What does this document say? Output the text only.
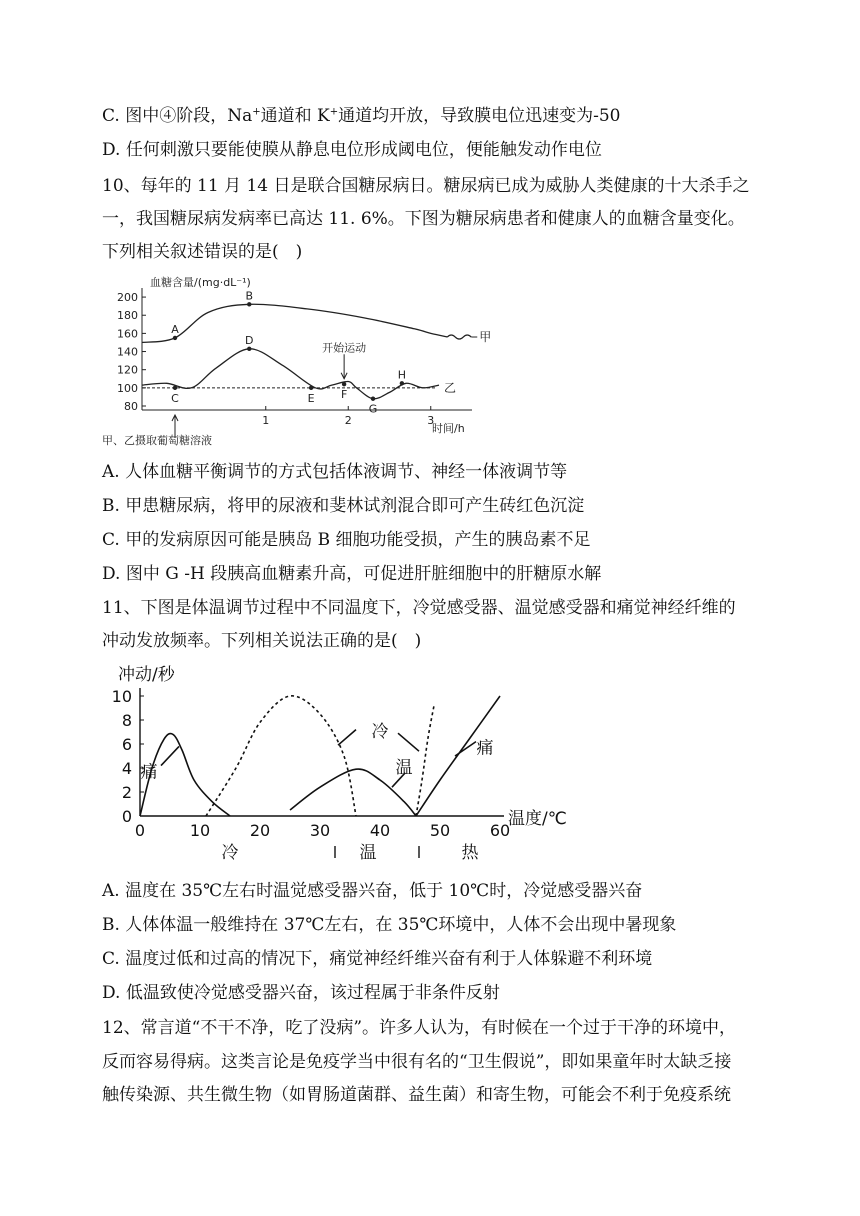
C. 图中④阶段，Na+通道和 K+通道均开放，导致膜电位迅速变为-50
D. 任何刺激只要能使膜从静息电位形成阈电位，便能触发动作电位
10、每年的 11 月 14 日是联合国糖尿病日。糖尿病已成为威胁人类健康的十大杀手之
一，我国糖尿病发病率已高达 11. 6%。下图为糖尿病患者和健康人的血糖含量变化。
下列相关叙述错误的是(　)
血糖含量/(mg·dL⁻¹)
时间/h
80
100
120
140
160
180
200
1	2	3
乙
甲
A
B
C
D
E F
G
H
甲、乙摄取葡萄糖溶液
开始运动
A. 人体血糖平衡调节的方式包括体液调节、神经一体液调节等
B. 甲患糖尿病，将甲的尿液和斐林试剂混合即可产生砖红色沉淀
C. 甲的发病原因可能是胰岛 B 细胞功能受损，产生的胰岛素不足
D. 图中 G -H 段胰高血糖素升高，可促进肝脏细胞中的肝糖原水解
11、下图是体温调节过程中不同温度下，冷觉感受器、温觉感受器和痛觉神经纤维的
冲动发放频率。下列相关说法正确的是(　)
冲动/秒
温度/℃
0
2
4
6
8
10
0	10 20 30 40 50 60
冷	温	热
痛
冷
温
痛
A. 温度在 35℃左右时温觉感受器兴奋，低于 10℃时，冷觉感受器兴奋
B. 人体体温一般维持在 37℃左右，在 35℃环境中，人体不会出现中暑现象
C. 温度过低和过高的情况下，痛觉神经纤维兴奋有利于人体躲避不利环境
D. 低温致使冷觉感受器兴奋，该过程属于非条件反射
12、常言道“不干不净，吃了没病”。许多人认为，有时候在一个过于干净的环境中，
反而容易得病。这类言论是免疫学当中很有名的“卫生假说”，即如果童年时太缺乏接
触传染源、共生微生物（如胃肠道菌群、益生菌）和寄生物，可能会不利于免疫系统
